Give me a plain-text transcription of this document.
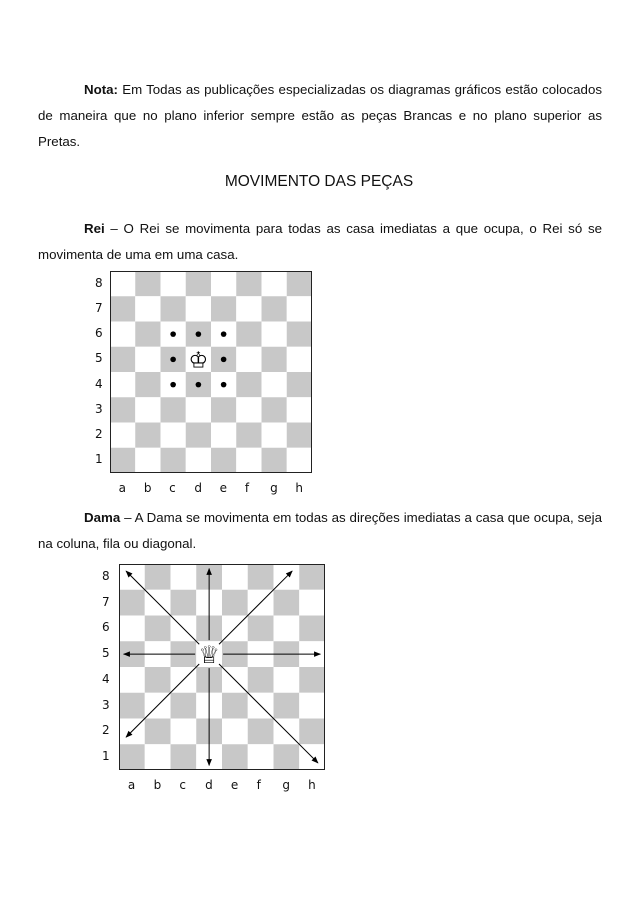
Nota: Em Todas as publicações especializadas os diagramas gráficos estão colocados de maneira que no plano inferior sempre estão as peças Brancas e no plano superior as Pretas.

MOVIMENTO DAS PEÇAS

Rei – O Rei se movimenta para todas as casa imediatas a que ocupa, o Rei só se movimenta de uma em uma casa.

8
7
6
5
4
3
2
1
♔
a b c d e f g h

Dama – A Dama se movimenta em todas as direções imediatas a casa que ocupa, seja na coluna, fila ou diagonal.

8
7
6
5
4
3
2
1
♕
a b c d e f g h
